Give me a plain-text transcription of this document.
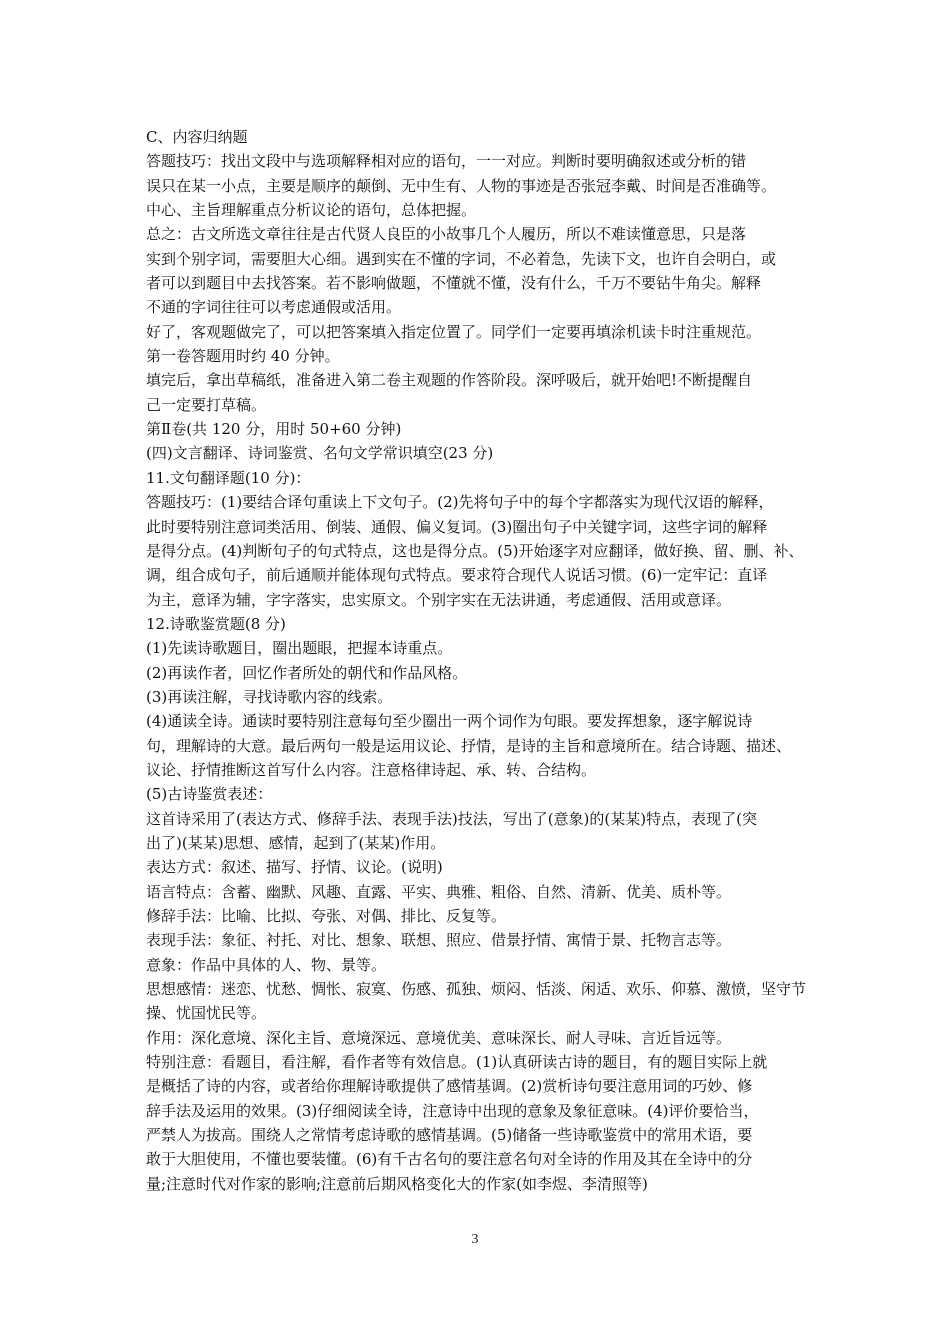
C、内容归纳题
答题技巧：找出文段中与选项解释相对应的语句，一一对应。判断时要明确叙述或分析的错
误只在某一小点，主要是顺序的颠倒、无中生有、人物的事迹是否张冠李戴、时间是否准确等。
中心、主旨理解重点分析议论的语句，总体把握。
总之：古文所选文章往往是古代贤人良臣的小故事几个人履历，所以不难读懂意思，只是落
实到个别字词，需要胆大心细。遇到实在不懂的字词，不必着急，先读下文，也许自会明白，或
者可以到题目中去找答案。若不影响做题，不懂就不懂，没有什么，千万不要钻牛角尖。解释
不通的字词往往可以考虑通假或活用。
好了，客观题做完了，可以把答案填入指定位置了。同学们一定要再填涂机读卡时注重规范。
第一卷答题用时约 40 分钟。
填完后，拿出草稿纸，准备进入第二卷主观题的作答阶段。深呼吸后，就开始吧!不断提醒自
己一定要打草稿。
第Ⅱ卷(共 120 分，用时 50+60 分钟)
(四)文言翻译、诗词鉴赏、名句文学常识填空(23 分)
11.文句翻译题(10 分)：
答题技巧：(1)要结合译句重读上下文句子。(2)先将句子中的每个字都落实为现代汉语的解释，
此时要特别注意词类活用、倒装、通假、偏义复词。(3)圈出句子中关键字词，这些字词的解释
是得分点。(4)判断句子的句式特点，这也是得分点。(5)开始逐字对应翻译，做好换、留、删、补、
调，组合成句子，前后通顺并能体现句式特点。要求符合现代人说话习惯。(6)一定牢记：直译
为主，意译为辅，字字落实，忠实原文。个别字实在无法讲通，考虑通假、活用或意译。
12.诗歌鉴赏题(8 分)
(1)先读诗歌题目，圈出题眼，把握本诗重点。
(2)再读作者，回忆作者所处的朝代和作品风格。
(3)再读注解，寻找诗歌内容的线索。
(4)通读全诗。通读时要特别注意每句至少圈出一两个词作为句眼。要发挥想象，逐字解说诗
句，理解诗的大意。最后两句一般是运用议论、抒情，是诗的主旨和意境所在。结合诗题、描述、
议论、抒情推断这首写什么内容。注意格律诗起、承、转、合结构。
(5)古诗鉴赏表述：
这首诗采用了(表达方式、修辞手法、表现手法)技法，写出了(意象)的(某某)特点，表现了(突
出了)(某某)思想、感情，起到了(某某)作用。
表达方式：叙述、描写、抒情、议论。(说明)
语言特点：含蓄、幽默、风趣、直露、平实、典雅、粗俗、自然、清新、优美、质朴等。
修辞手法：比喻、比拟、夸张、对偶、排比、反复等。
表现手法：象征、衬托、对比、想象、联想、照应、借景抒情、寓情于景、托物言志等。
意象：作品中具体的人、物、景等。
思想感情：迷恋、忧愁、惆怅、寂寞、伤感、孤独、烦闷、恬淡、闲适、欢乐、仰慕、激愤，坚守节
操、忧国忧民等。
作用：深化意境、深化主旨、意境深远、意境优美、意味深长、耐人寻味、言近旨远等。
特别注意：看题目，看注解，看作者等有效信息。(1)认真研读古诗的题目，有的题目实际上就
是概括了诗的内容，或者给你理解诗歌提供了感情基调。(2)赏析诗句要注意用词的巧妙、修
辞手法及运用的效果。(3)仔细阅读全诗，注意诗中出现的意象及象征意味。(4)评价要恰当，
严禁人为拔高。围绕人之常情考虑诗歌的感情基调。(5)储备一些诗歌鉴赏中的常用术语，要
敢于大胆使用，不懂也要装懂。(6)有千古名句的要注意名句对全诗的作用及其在全诗中的分
量;注意时代对作家的影响;注意前后期风格变化大的作家(如李煜、李清照等)
3
